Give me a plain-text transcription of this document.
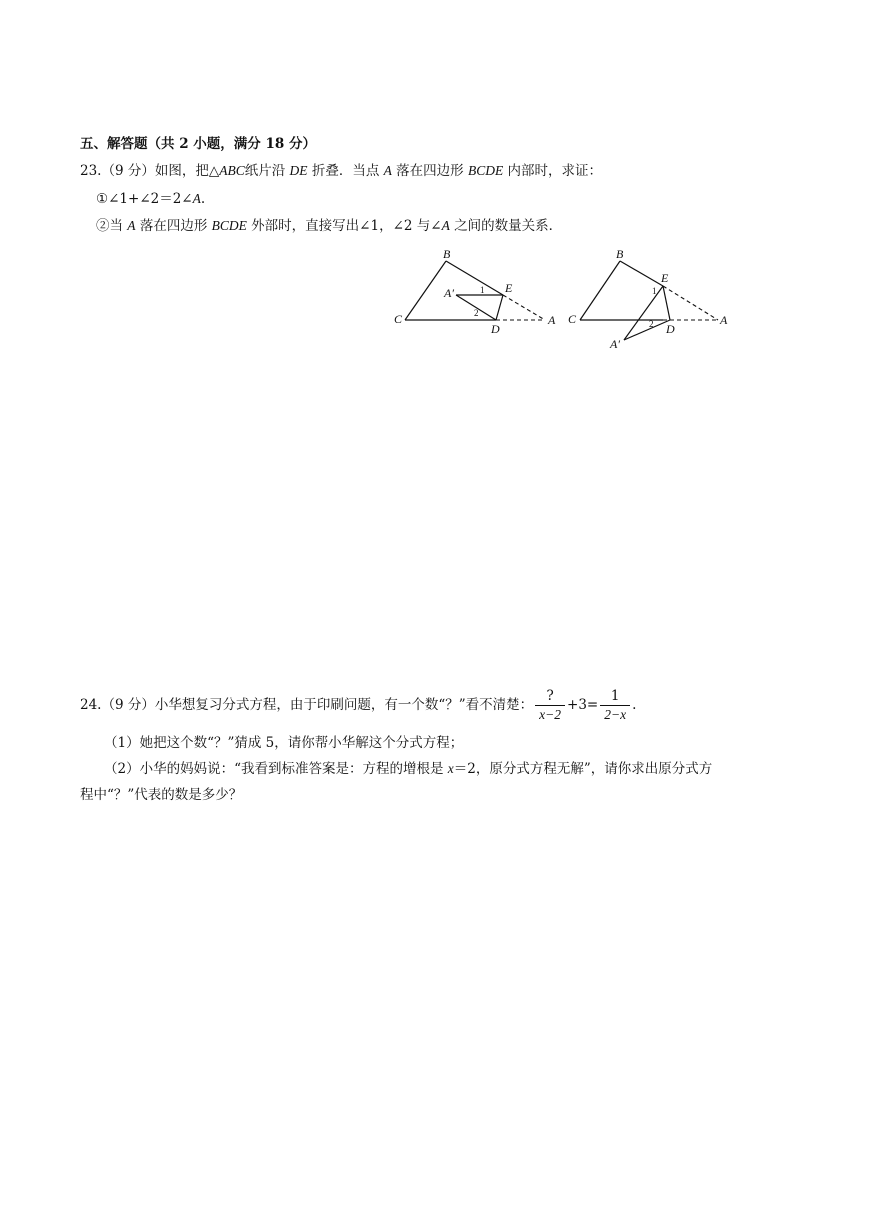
五、解答题（共 2 小题，满分 18 分）
23.（9 分）如图，把△ABC纸片沿 DE 折叠．当点 A 落在四边形 BCDE 内部时，求证：
①∠1+∠2＝2∠A.
②当 A 落在四边形 BCDE 外部时，直接写出∠1，∠2 与∠A 之间的数量关系．
B
C
D
E
A
A′	1
2
B
C
D
E
A
A′
1
2
24.（9 分）小华想复习分式方程，由于印刷问题，有一个数“？”看不清楚： $\frac{?}{x-2} +3= \frac{1}{2-x}$ .
（1）她把这个数“？”猜成 5，请你帮小华解这个分式方程；
（2）小华的妈妈说：“我看到标准答案是：方程的增根是 x＝2，原分式方程无解”，请你求出原分式方
程中“？”代表的数是多少？
